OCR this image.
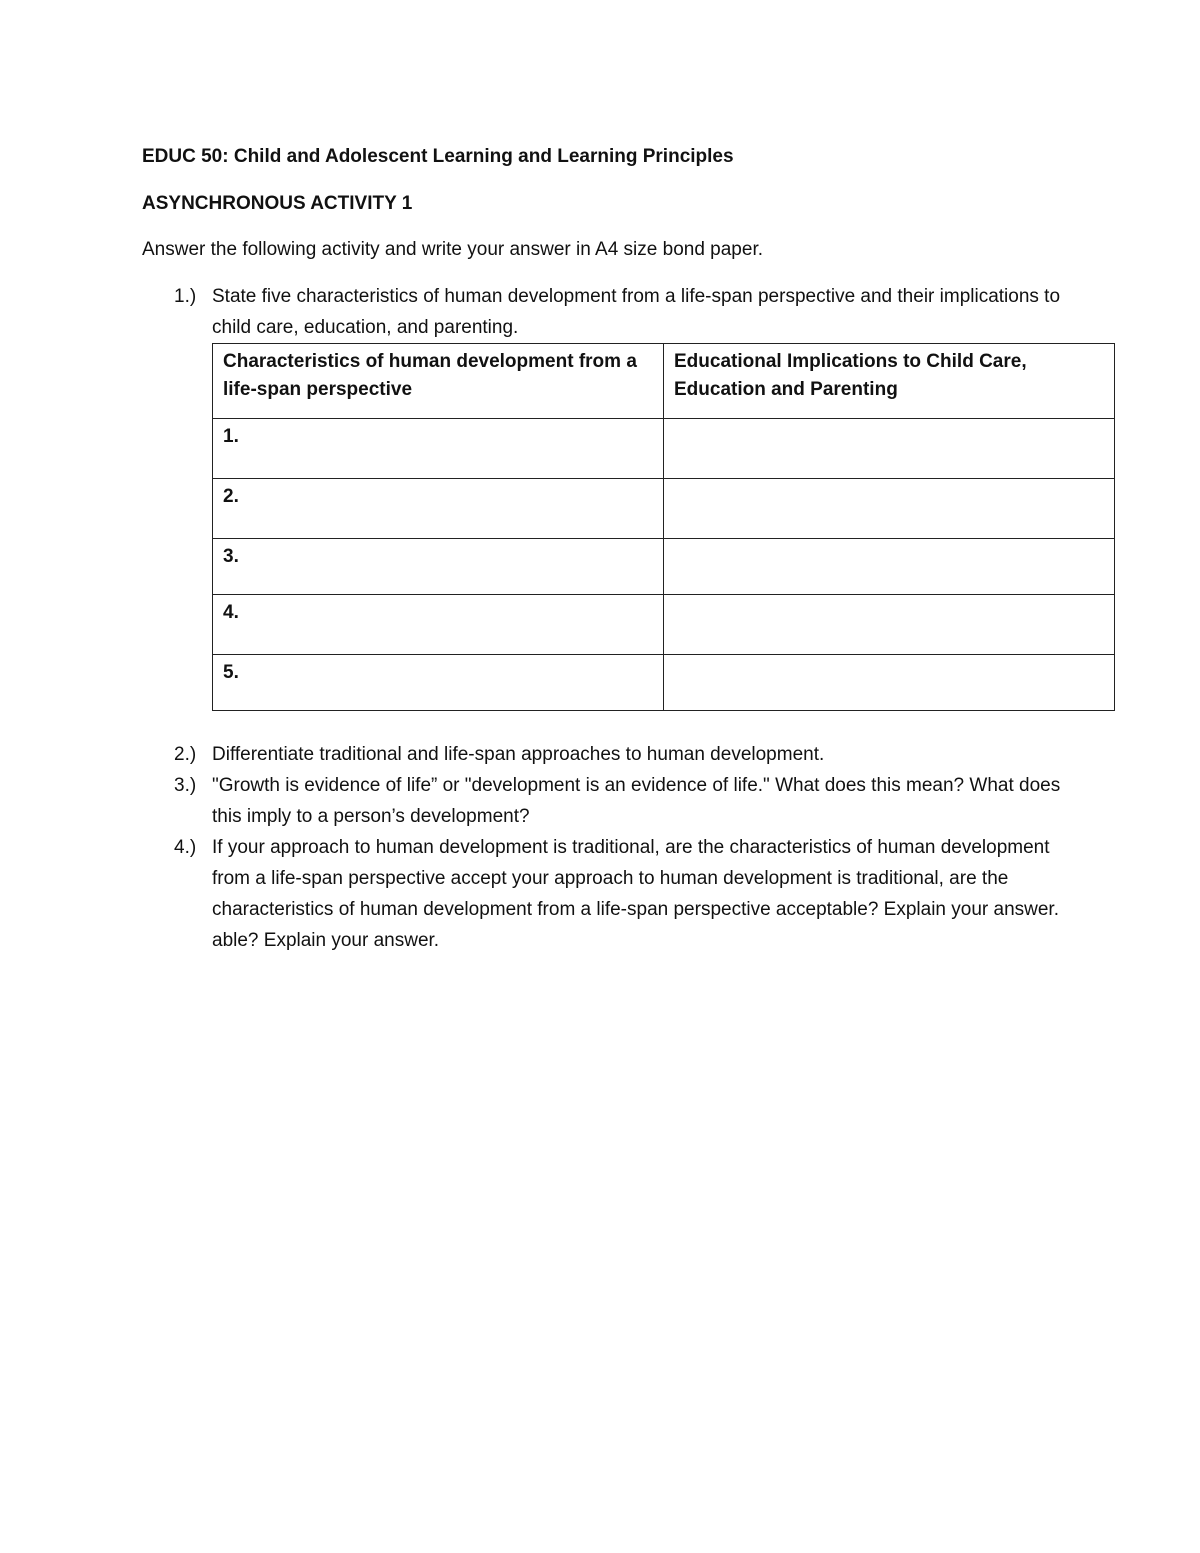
EDUC 50: Child and Adolescent Learning and Learning Principles
ASYNCHRONOUS ACTIVITY 1
Answer the following activity and write your answer in A4 size bond paper.
1.) State five characteristics of human development from a life-span perspective and their implications to child care, education, and parenting.
Characteristics of human development from a life-span perspective	Educational Implications to Child Care, Education and Parenting
1.	
2.	
3.	
4.	
5.	
2.) Differentiate traditional and life-span approaches to human development.
3.) "Growth is evidence of life” or "development is an evidence of life." What does this mean? What does this imply to a person’s development?
4.) If your approach to human development is traditional, are the characteristics of human development from a life-span perspective accept your approach to human development is traditional, are the characteristics of human development from a life-span perspective acceptable? Explain your answer. able? Explain your answer.
